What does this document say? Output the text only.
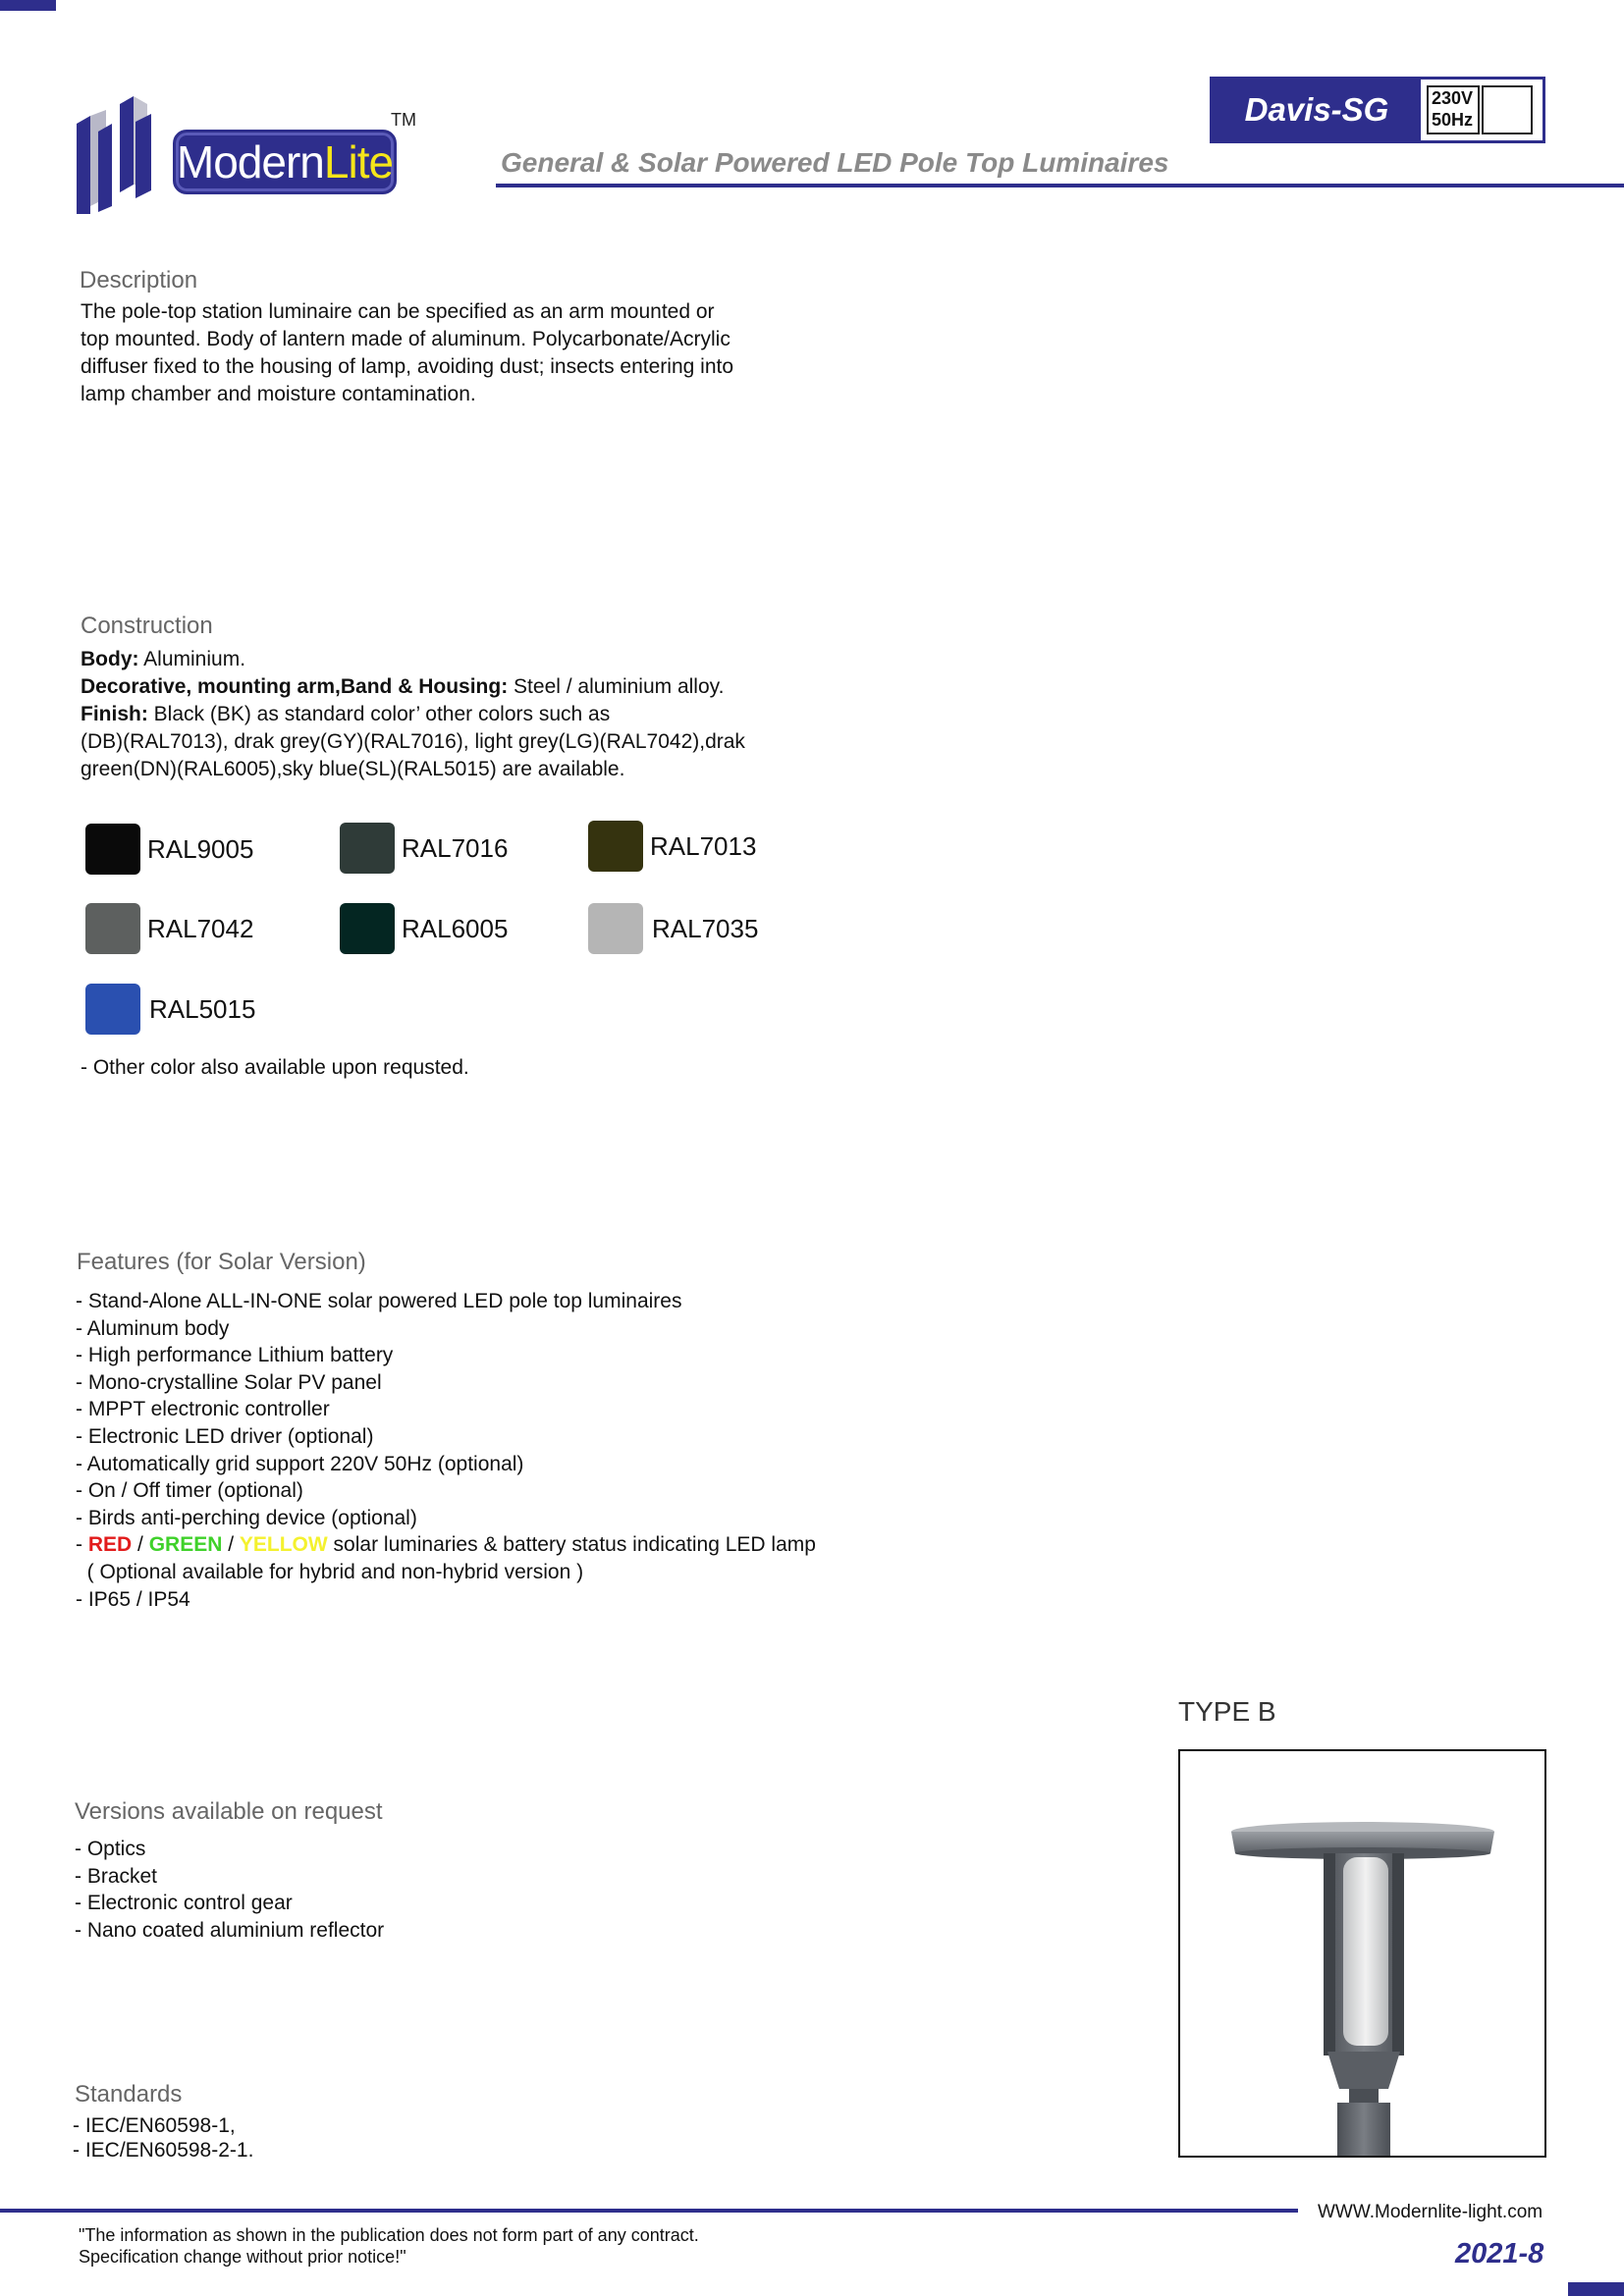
Modern Lite
TM	Davis-SG	230V
50Hz
General & Solar Powered LED Pole Top Luminaires
Description
The pole-top station luminaire can be specified as an arm mounted or
top mounted. Body of lantern made of aluminum. Polycarbonate/Acrylic
diffuser fixed to the housing of lamp, avoiding dust; insects entering into
lamp chamber and moisture contamination.
Construction
Body: Aluminium.
Decorative, mounting arm,Band & Housing: Steel / aluminium alloy.
Finish: Black (BK) as standard color’ other colors such as
(DB)(RAL7013), drak grey(GY)(RAL7016), light grey(LG)(RAL7042),drak
green(DN)(RAL6005),sky blue(SL)(RAL5015) are available.
RAL9005	RAL7016	RAL7013
RAL7042	RAL6005	RAL7035
RAL5015
- Other color also available upon requsted.
Features (for Solar Version)
- Stand-Alone ALL-IN-ONE solar powered LED pole top luminaires
- Aluminum body
- High performance Lithium battery
- Mono-crystalline Solar PV panel
- MPPT electronic controller
- Electronic LED driver (optional)
- Automatically grid support 220V 50Hz (optional)
- On / Off timer (optional)
- Birds anti-perching device (optional)
- RED / GREEN / YELLOW solar luminaries & battery status indicating LED lamp
( Optional available for hybrid and non-hybrid version )
- IP65 / IP54
Versions available on request
- Optics
- Bracket
- Electronic control gear
- Nano coated aluminium reflector
Standards
- IEC/EN60598-1,
- IEC/EN60598-2-1.
TYPE B
"The information as shown in the publication does not form part of any contract.
Specification change without prior notice!"
WWW.Modernlite-light.com
2021-8
